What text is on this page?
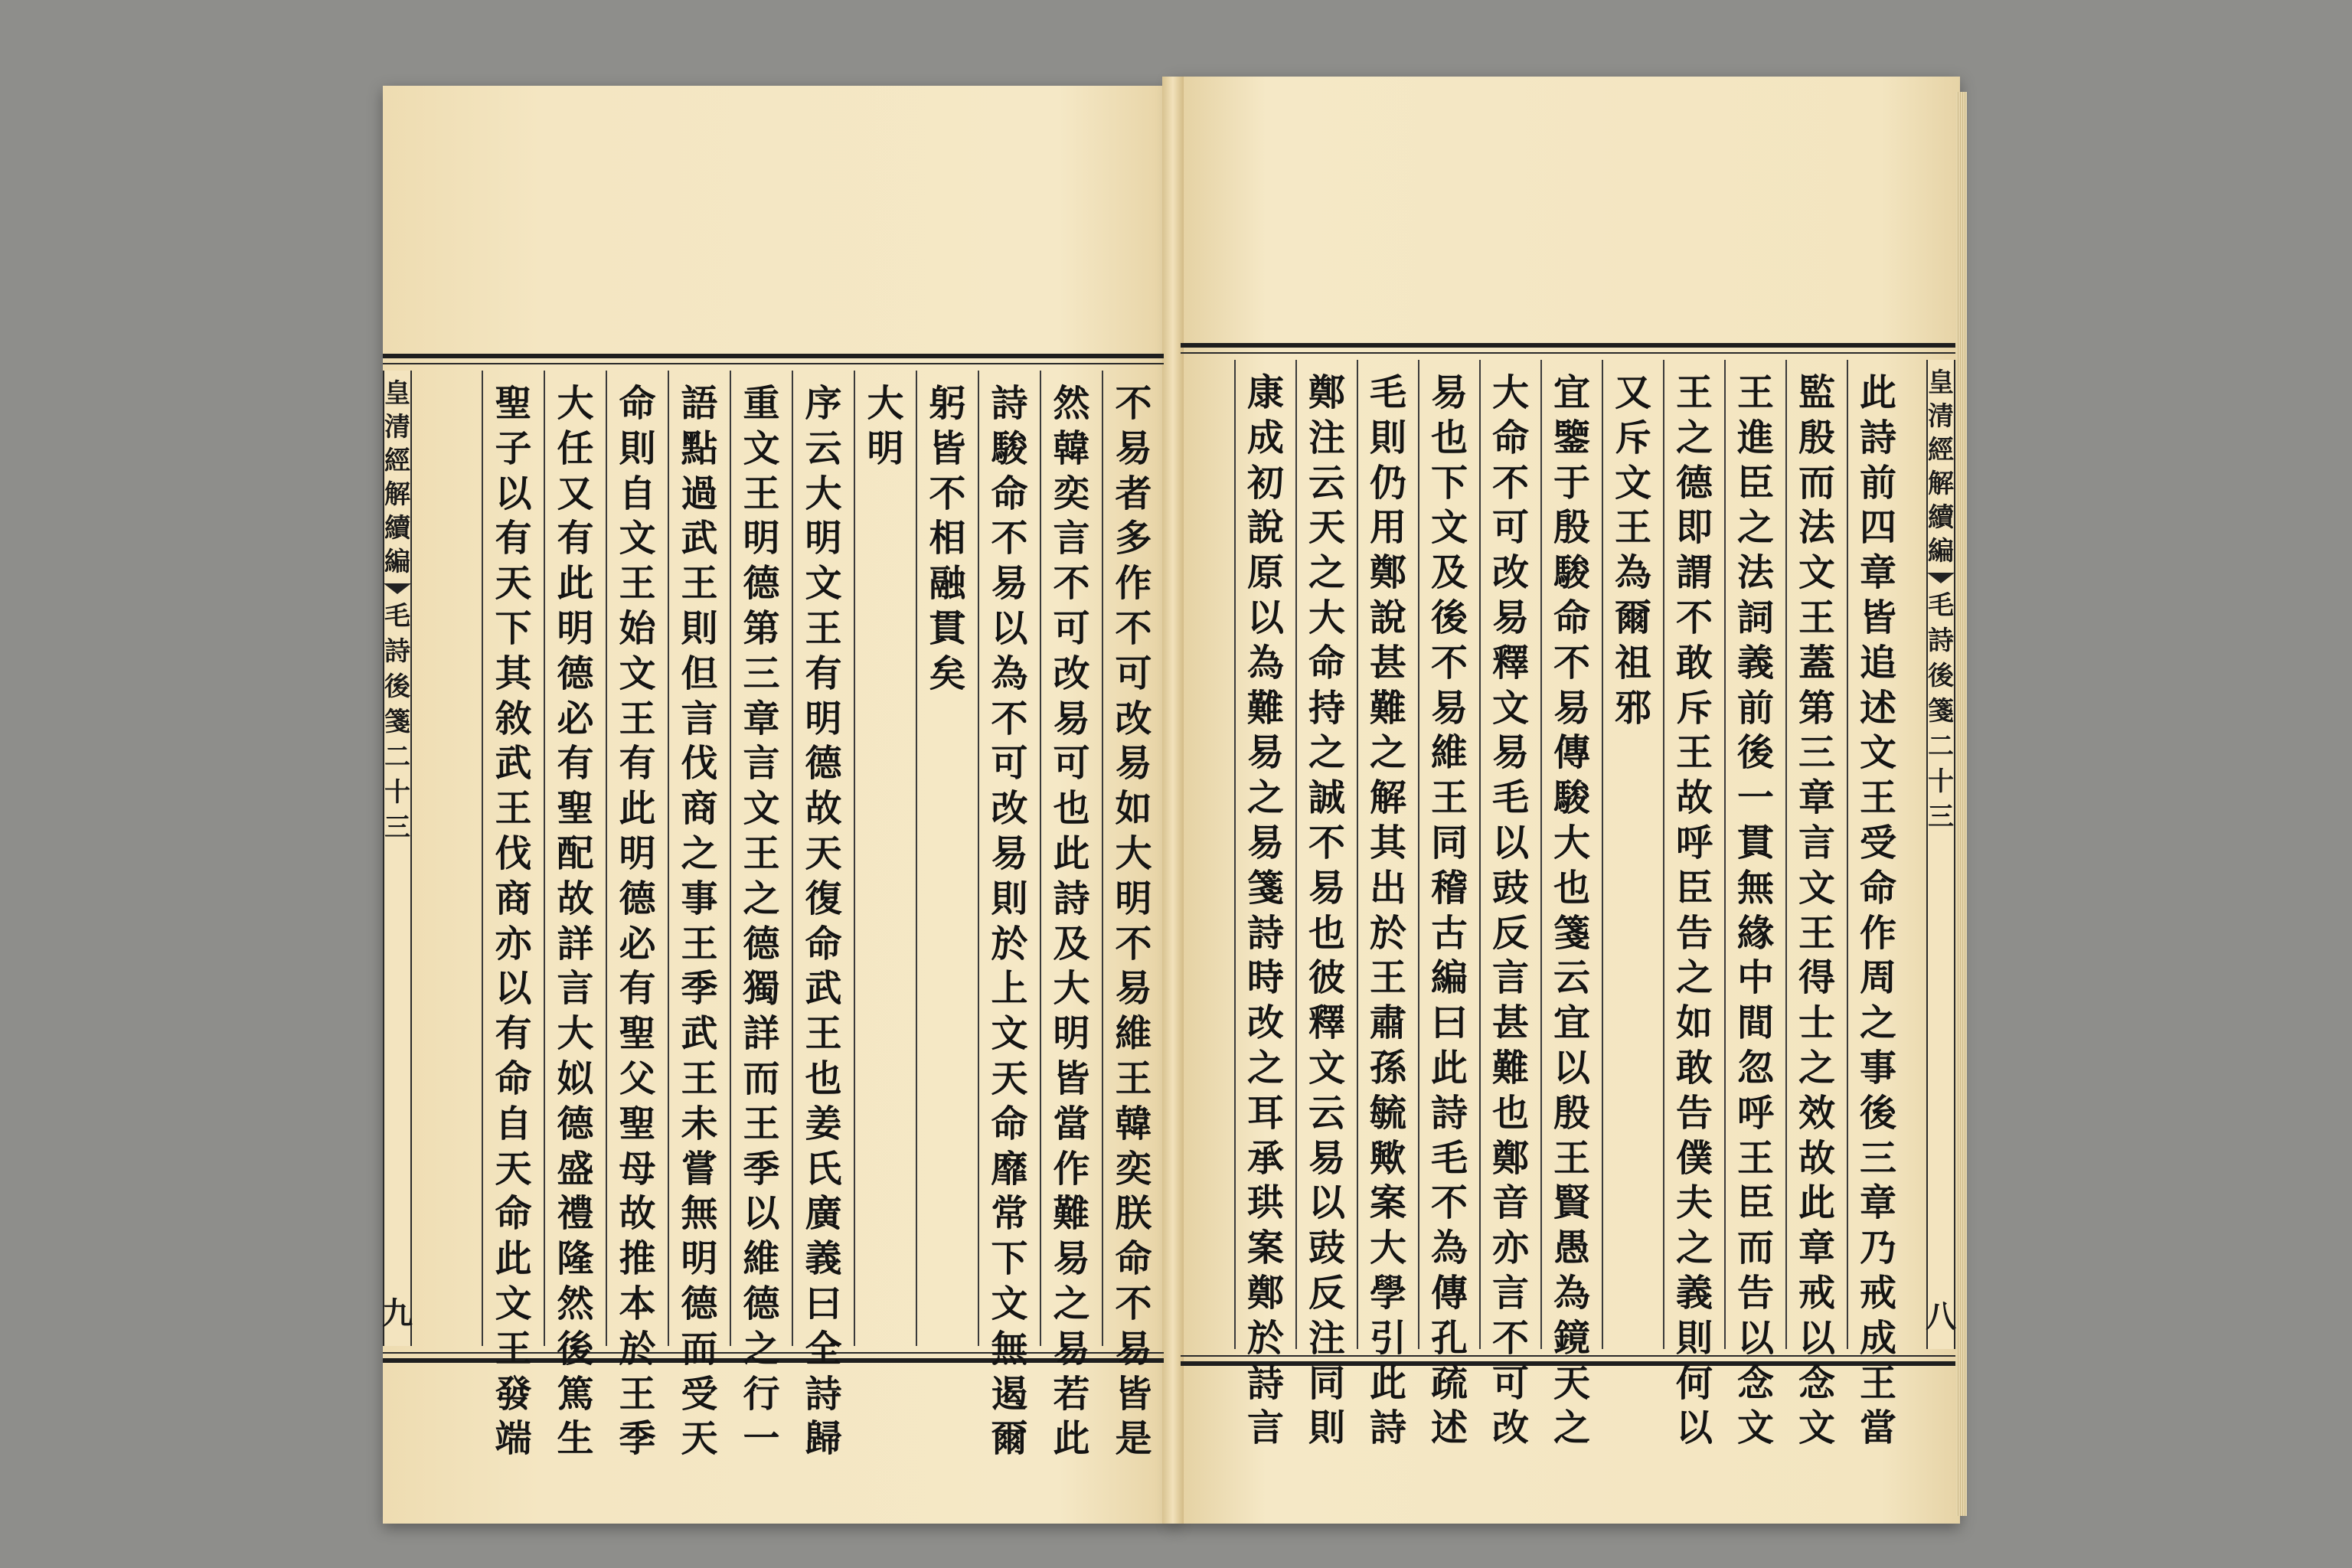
不
易
者
多
作
不
可
改
易
如
大
明
不
易
維
王
韓
奕
朕
命
不
易
皆
是
然
韓
奕
言
不
可
改
易
可
也
此
詩
及
大
明
皆
當
作
難
易
之
易
若
此
詩
駿
命
不
易
以
為
不
可
改
易
則
於
上
文
天
命
靡
常
下
文
無
遏
爾
躬
皆
不
相
融
貫
矣
大
明
序
云
大
明
文
王
有
明
德
故
天
復
命
武
王
也
姜
氏
廣
義
曰
全
詩
歸
重
文
王
明
德
第
三
章
言
文
王
之
德
獨
詳
而
王
季
以
維
德
之
行
一
語
點
過
武
王
則
但
言
伐
商
之
事
王
季
武
王
未
嘗
無
明
德
而
受
天
命
則
自
文
王
始
文
王
有
此
明
德
必
有
聖
父
聖
母
故
推
本
於
王
季
大
任
又
有
此
明
德
必
有
聖
配
故
詳
言
大
姒
德
盛
禮
隆
然
後
篤
生
聖
子
以
有
天
下
其
敘
武
王
伐
商
亦
以
有
命
自
天
命
此
文
王
發
端
皇
清
經
解
續
編
毛
詩
後
箋
二
十
三
九
此
詩
前
四
章
皆
追
述
文
王
受
命
作
周
之
事
後
三
章
乃
戒
成
王
當
監
殷
而
法
文
王
蓋
第
三
章
言
文
王
得
士
之
效
故
此
章
戒
以
念
文
王
進
臣
之
法
詞
義
前
後
一
貫
無
緣
中
間
忽
呼
王
臣
而
告
以
念
文
王
之
德
即
謂
不
敢
斥
王
故
呼
臣
告
之
如
敢
告
僕
夫
之
義
則
何
以
又
斥
文
王
為
爾
祖
邪
宜
鑒
于
殷
駿
命
不
易
傳
駿
大
也
箋
云
宜
以
殷
王
賢
愚
為
鏡
天
之
大
命
不
可
改
易
釋
文
易
毛
以
豉
反
言
甚
難
也
鄭
音
亦
言
不
可
改
易
也
下
文
及
後
不
易
維
王
同
稽
古
編
曰
此
詩
毛
不
為
傳
孔
疏
述
毛
則
仍
用
鄭
說
甚
難
之
解
其
出
於
王
肅
孫
毓
歟
案
大
學
引
此
詩
鄭
注
云
天
之
大
命
持
之
誠
不
易
也
彼
釋
文
云
易
以
豉
反
注
同
則
康
成
初
說
原
以
為
難
易
之
易
箋
詩
時
改
之
耳
承
珙
案
鄭
於
詩
言
皇
清
經
解
續
編
毛
詩
後
箋
二
十
三
八
